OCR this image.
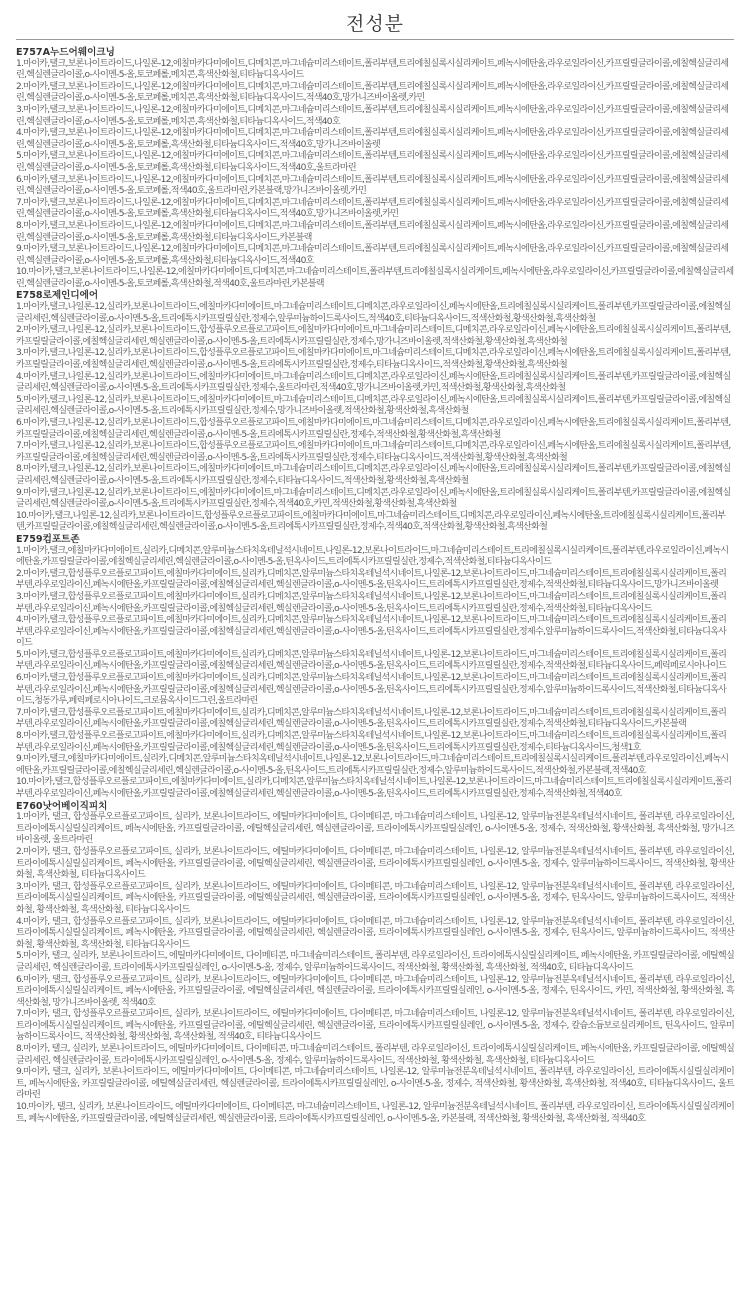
전성분
E757A누드어웨이크닝
1.마이카,탤크,보론나이트라이드,나일론-12,에칠마카다미에이트,디메치콘,마그네슘미리스테이트,폴리부텐,트리에칠실록시실리케이트,페녹시에탄올,라우로일라이신,카프릴릴글라이콜,에칠헥실글리세린,헥실렌글라이콜,o-사이멘-5-올,토코페롤,메치콘,흑색산화철,티타늄디옥사이드
2.마이카,탤크,보론나이트라이드,나일론-12,에칠마카다미에이트,디메치콘,마그네슘미리스테이트,폴리부텐,트리에칠실록시실리케이트,페녹시에탄올,라우로일라이신,카프릴릴글라이콜,에칠헥실글리세린,헥실렌글라이콜,o-사이멘-5-올,토코페롤,메치콘,흑색산화철,티타늄디옥사이드,적색40호,망가니즈바이올렛,카민
3.마이카,탤크,보론나이트라이드,나일론-12,에칠마카다미에이트,디메치콘,마그네슘미리스테이트,폴리부텐,트리에칠실록시실리케이트,페녹시에탄올,라우로일라이신,카프릴릴글라이콜,에칠헥실글리세린,헥실렌글라이콜,o-사이멘-5-올,토코페롤,메치콘,흑색산화철,티타늄디옥사이드,적색40호
4.마이카,탤크,보론나이트라이드,나일론-12,에칠마카다미에이트,디메치콘,마그네슘미리스테이트,폴리부텐,트리에칠실록시실리케이트,페녹시에탄올,라우로일라이신,카프릴릴글라이콜,에칠헥실글리세린,헥실렌글라이콜,o-사이멘-5-올,토코페롤,흑색산화철,티타늄디옥사이드,적색40호,망가니즈바이올렛
5.마이카,탤크,보론나이트라이드,나일론-12,에칠마카다미에이트,디메치콘,마그네슘미리스테이트,폴리부텐,트리에칠실록시실리케이트,페녹시에탄올,라우로일라이신,카프릴릴글라이콜,에칠헥실글리세린,헥실렌글라이콜,o-사이멘-5-올,토코페롤,흑색산화철,티타늄디옥사이드,적색40호,울트라마린
6.마이카,탤크,보론나이트라이드,나일론-12,에칠마카다미에이트,디메치콘,마그네슘미리스테이트,폴리부텐,트리에칠실록시실리케이트,페녹시에탄올,라우로일라이신,카프릴릴글라이콜,에칠헥실글리세린,헥실렌글라이콜,o-사이멘-5-올,토코페롤,적색40호,울트라마린,카본블랙,망가니즈바이올렛,카민
7.마이카,탤크,보론나이트라이드,나일론-12,에칠마카다미에이트,디메치콘,마그네슘미리스테이트,폴리부텐,트리에칠실록시실리케이트,페녹시에탄올,라우로일라이신,카프릴릴글라이콜,에칠헥실글리세린,헥실렌글라이콜,o-사이멘-5-올,토코페롤,흑색산화철,티타늄디옥사이드,적색40호,망가니즈바이올렛,카민
8.마이카,탤크,보론나이트라이드,나일론-12,에칠마카다미에이트,디메치콘,마그네슘미리스테이트,폴리부텐,트리에칠실록시실리케이트,페녹시에탄올,라우로일라이신,카프릴릴글라이콜,에칠헥실글리세린,헥실렌글라이콜,o-사이멘-5-올,토코페롤,흑색산화철,티타늄디옥사이드,카본블랙
9.마이카,탤크,보론나이트라이드,나일론-12,에칠마카다미에이트,디메치콘,마그네슘미리스테이트,폴리부텐,트리에칠실록시실리케이트,페녹시에탄올,라우로일라이신,카프릴릴글라이콜,에칠헥실글리세린,헥실렌글라이콜,o-사이멘-5-올,토코페롤,흑색산화철,티타늄디옥사이드,적색40호
10.마이카,탤크,보론나이트라이드,나일론-12,에칠마카다미에이트,디메치콘,마그네슘미리스테이트,폴리부텐,트리에칠실록시실리케이트,페녹시에탄올,라우로일라이신,카프릴릴글라이콜,에칠헥실글리세린,헥실렌글라이콜,o-사이멘-5-올,토코페롤,흑색산화철,적색40호,울트라마린,카본블랙
E758로제인디에어
1.마이카,탤크,나일론-12,실리카,보론나이트라이드,에칠마카다미에이트,마그네슘미리스테이트,디메치콘,라우로일라이신,페녹시에탄올,트리에칠실록시실리케이트,폴리부텐,카프릴릴글라이콜,에칠헥실글리세린,헥실렌글라이콜,o-사이멘-5-올,트리에톡시카프릴릴실란,정제수,알루미늄하이드록사이드,적색40호,티타늄디옥사이드,적색산화철,황색산화철,흑색산화철
2.마이카,탤크,나일론-12,실리카,보론나이트라이드,합성플루오르플로고파이트,에칠마카다미에이트,마그네슘미리스테이트,디메치콘,라우로일라이신,페녹시에탄올,트리에칠실록시실리케이트,폴리부텐,카프릴릴글라이콜,에칠헥실글리세린,헥실렌글라이콜,o-사이멘-5-올,트리에톡시카프릴릴실란,정제수,망가니즈바이올렛,적색산화철,황색산화철,흑색산화철
3.마이카,탤크,나일론-12,실리카,보론나이트라이드,합성플루오르플로고파이트,에칠마카다미에이트,마그네슘미리스테이트,디메치콘,라우로일라이신,페녹시에탄올,트리에칠실록시실리케이트,폴리부텐,카프릴릴글라이콜,에칠헥실글리세린,헥실렌글라이콜,o-사이멘-5-올,트리에톡시카프릴릴실란,정제수,티타늄디옥사이드,적색산화철,황색산화철,흑색산화철
4.마이카,탤크,나일론-12,실리카,보론나이트라이드,에칠마카다미에이트,마그네슘미리스테이트,디메치콘,라우로일라이신,페녹시에탄올,트리에칠실록시실리케이트,폴리부텐,카프릴릴글라이콜,에칠헥실글리세린,헥실렌글라이콜,o-사이멘-5-올,트리에톡시카프릴릴실란,정제수,울트라마린,적색40호,망가니즈바이올렛,카민,적색산화철,황색산화철,흑색산화철
5.마이카,탤크,나일론-12,실리카,보론나이트라이드,에칠마카다미에이트,마그네슘미리스테이트,디메치콘,라우로일라이신,페녹시에탄올,트리에칠실록시실리케이트,폴리부텐,카프릴릴글라이콜,에칠헥실글리세린,헥실렌글라이콜,o-사이멘-5-올,트리에톡시카프릴릴실란,정제수,망가니즈바이올렛,적색산화철,황색산화철,흑색산화철
6.마이카,탤크,나일론-12,실리카,보론나이트라이드,합성플루오르플로고파이트,에칠마카다미에이트,마그네슘미리스테이트,디메치콘,라우로일라이신,페녹시에탄올,트리에칠실록시실리케이트,폴리부텐,카프릴릴글라이콜,에칠헥실글리세린,헥실렌글라이콜,o-사이멘-5-올,트리에톡시카프릴릴실란,정제수,적색산화철,황색산화철,흑색산화철
7.마이카,탤크,나일론-12,실리카,보론나이트라이드,합성플루오르플로고파이트,에칠마카다미에이트,마그네슘미리스테이트,디메치콘,라우로일라이신,페녹시에탄올,트리에칠실록시실리케이트,폴리부텐,카프릴릴글라이콜,에칠헥실글리세린,헥실렌글라이콜,o-사이멘-5-올,트리에톡시카프릴릴실란,정제수,티타늄디옥사이드,적색산화철,황색산화철,흑색산화철
8.마이카,탤크,나일론-12,실리카,보론나이트라이드,에칠마카다미에이트,마그네슘미리스테이트,디메치콘,라우로일라이신,페녹시에탄올,트리에칠실록시실리케이트,폴리부텐,카프릴릴글라이콜,에칠헥실글리세린,헥실렌글라이콜,o-사이멘-5-올,트리에톡시카프릴릴실란,정제수,티타늄디옥사이드,적색산화철,황색산화철,흑색산화철
9.마이카,탤크,나일론-12,실리카,보론나이트라이드,에칠마카다미에이트,마그네슘미리스테이트,디메치콘,라우로일라이신,페녹시에탄올,트리에칠실록시실리케이트,폴리부텐,카프릴릴글라이콜,에칠헥실글리세린,헥실렌글라이콜,o-사이멘-5-올,트리에톡시카프릴릴실란,정제수,적색40호,카민,적색산화철,황색산화철,흑색산화철
10.마이카,탤크,나일론-12,실리카,보론나이트라이드,합성플루오르플로고파이트,에칠마카다미에이트,마그네슘미리스테이트,디메치콘,라우로일라이신,페녹시에탄올,트리에칠실록시실리케이트,폴리부텐,카프릴릴글라이콜,에칠헥실글리세린,헥실렌글라이콜,o-사이멘-5-올,트리에톡시카프릴릴실란,정제수,적색40호,적색산화철,황색산화철,흑색산화철
E759컴포트존
1.마이카,탤크,에칠마카다미에이트,실리카,디메치콘,알루미늄스타치옥테닐석시네이트,나일론-12,보론나이트라이드,마그네슘미리스테이트,트리에칠실록시실리케이트,폴리부텐,라우로일라이신,페녹시에탄올,카프릴릴글라이콜,에칠헥실글리세린,헥실렌글라이콜,o-사이멘-5-올,틴옥사이드,트리에톡시카프릴릴실란,정제수,적색산화철,티타늄디옥사이드
2.마이카,탤크,합성플루오르플로고파이트,에칠마카다미에이트,실리카,디메치콘,알루미늄스타치옥테닐석시네이트,나일론-12,보론나이트라이드,마그네슘미리스테이트,트리에칠실록시실리케이트,폴리부텐,라우로일라이신,페녹시에탄올,카프릴릴글라이콜,에칠헥실글리세린,헥실렌글라이콜,o-사이멘-5-올,틴옥사이드,트리에톡시카프릴릴실란,정제수,적색산화철,티타늄디옥사이드,망가니즈바이올렛
3.마이카,탤크,합성플루오르플로고파이트,에칠마카다미에이트,실리카,디메치콘,알루미늄스타치옥테닐석시네이트,나일론-12,보론나이트라이드,마그네슘미리스테이트,트리에칠실록시실리케이트,폴리부텐,라우로일라이신,페녹시에탄올,카프릴릴글라이콜,에칠헥실글리세린,헥실렌글라이콜,o-사이멘-5-올,틴옥사이드,트리에톡시카프릴릴실란,정제수,적색산화철,티타늄디옥사이드
4.마이카,탤크,합성플루오르플로고파이트,에칠마카다미에이트,실리카,디메치콘,알루미늄스타치옥테닐석시네이트,나일론-12,보론나이트라이드,마그네슘미리스테이트,트리에칠실록시실리케이트,폴리부텐,라우로일라이신,페녹시에탄올,카프릴릴글라이콜,에칠헥실글리세린,헥실렌글라이콜,o-사이멘-5-올,틴옥사이드,트리에톡시카프릴릴실란,정제수,알루미늄하이드록사이드,적색산화철,티타늄디옥사이드
5.마이카,탤크,합성플루오르플로고파이트,에칠마카다미에이트,실리카,디메치콘,알루미늄스타치옥테닐석시네이트,나일론-12,보론나이트라이드,마그네슘미리스테이트,트리에칠실록시실리케이트,폴리부텐,라우로일라이신,페녹시에탄올,카프릴릴글라이콜,에칠헥실글리세린,헥실렌글라이콜,o-사이멘-5-올,틴옥사이드,트리에톡시카프릴릴실란,정제수,적색산화철,티타늄디옥사이드,페릭페로시아나이드
6.마이카,탤크,합성플루오르플로고파이트,에칠마카다미에이트,실리카,디메치콘,알루미늄스타치옥테닐석시네이트,나일론-12,보론나이트라이드,마그네슘미리스테이트,트리에칠실록시실리케이트,폴리부텐,라우로일라이신,페녹시에탄올,카프릴릴글라이콜,에칠헥실글리세린,헥실렌글라이콜,o-사이멘-5-올,틴옥사이드,트리에톡시카프릴릴실란,정제수,알루미늄하이드록사이드,적색산화철,티타늄디옥사이드,청동가루,페릭페로시아나이드,크로뮴옥사이드그린,울트라마린
7.마이카,탤크,합성플루오르플로고파이트,에칠마카다미에이트,실리카,디메치콘,알루미늄스타치옥테닐석시네이트,나일론-12,보론나이트라이드,마그네슘미리스테이트,트리에칠실록시실리케이트,폴리부텐,라우로일라이신,페녹시에탄올,카프릴릴글라이콜,에칠헥실글리세린,헥실렌글라이콜,o-사이멘-5-올,틴옥사이드,트리에톡시카프릴릴실란,정제수,적색산화철,티타늄디옥사이드,카본블랙
8.마이카,탤크,합성플루오르플로고파이트,에칠마카다미에이트,실리카,디메치콘,알루미늄스타치옥테닐석시네이트,나일론-12,보론나이트라이드,마그네슘미리스테이트,트리에칠실록시실리케이트,폴리부텐,라우로일라이신,페녹시에탄올,카프릴릴글라이콜,에칠헥실글리세린,헥실렌글라이콜,o-사이멘-5-올,틴옥사이드,트리에톡시카프릴릴실란,정제수,티타늄디옥사이드,청색1호
9.마이카,탤크,에칠마카다미에이트,실리카,디메치콘,알루미늄스타치옥테닐석시네이트,나일론-12,보론나이트라이드,마그네슘미리스테이트,트리에칠실록시실리케이트,폴리부텐,라우로일라이신,페녹시에탄올,카프릴릴글라이콜,에칠헥실글리세린,헥실렌글라이콜,o-사이멘-5-올,틴옥사이드,트리에톡시카프릴릴실란,정제수,알루미늄하이드록사이드,적색산화철,카본블랙,적색40호
10.마이카,탤크,합성플루오르플로고파이트,에칠마카다미에이트,실리카,디메치콘,알루미늄스타치옥테닐석시네이트,나일론-12,보론나이트라이드,마그네슘미리스테이트,트리에칠실록시실리케이트,폴리부텐,라우로일라이신,페녹시에탄올,카프릴릴글라이콜,에칠헥실글리세린,헥실렌글라이콜,o-사이멘-5-올,틴옥사이드,트리에톡시카프릴릴실란,정제수,적색산화철,적색40호
E760낫어베이직피치
1.마이카, 탤크, 합성플루오르플로고파이트, 실리카, 보론나이트라이드, 에틸마카다미에이트, 다이메티콘, 마그네슘미리스테이트, 나일론-12, 알루미늄전분옥테닐석시네이트, 폴리부텐, 라우로일라이신, 트라이에톡시실릴실리케이트, 페녹시에탄올, 카프릴릴글라이콜, 에틸헥실글리세린, 헥실렌글라이콜, 트라이에톡시카프릴릴실레인, o-사이멘-5-올, 정제수, 적색산화철, 황색산화철, 흑색산화철, 망가니즈바이올렛, 울트라마린
2.마이카, 탤크, 합성플루오르플로고파이트, 실리카, 보론나이트라이드, 에틸마카다미에이트, 다이메티콘, 마그네슘미리스테이트, 나일론-12, 알루미늄전분옥테닐석시네이트, 폴리부텐, 라우로일라이신, 트라이에톡시실릴실리케이트, 페녹시에탄올, 카프릴릴글라이콜, 에틸헥실글리세린, 헥실렌글라이콜, 트라이에톡시카프릴릴실레인, o-사이멘-5-올, 정제수, 알루미늄하이드록사이드, 적색산화철, 황색산화철, 흑색산화철, 티타늄디옥사이드
3.마이카, 탤크, 합성플루오르플로고파이트, 실리카, 보론나이트라이드, 에틸마카다미에이트, 다이메티콘, 마그네슘미리스테이트, 나일론-12, 알루미늄전분옥테닐석시네이트, 폴리부텐, 라우로일라이신, 트라이에톡시실릴실리케이트, 페녹시에탄올, 카프릴릴글라이콜, 에틸헥실글리세린, 헥실렌글라이콜, 트라이에톡시카프릴릴실레인, o-사이멘-5-올, 정제수, 틴옥사이드, 알루미늄하이드록사이드, 적색산화철, 황색산화철, 흑색산화철, 티타늄디옥사이드
4.마이카, 탤크, 합성플루오르플로고파이트, 실리카, 보론나이트라이드, 에틸마카다미에이트, 다이메티콘, 마그네슘미리스테이트, 나일론-12, 알루미늄전분옥테닐석시네이트, 폴리부텐, 라우로일라이신, 트라이에톡시실릴실리케이트, 페녹시에탄올, 카프릴릴글라이콜, 에틸헥실글리세린, 헥실렌글라이콜, 트라이에톡시카프릴릴실레인, o-사이멘-5-올, 정제수, 틴옥사이드, 알루미늄하이드록사이드, 적색산화철, 황색산화철, 흑색산화철, 티타늄디옥사이드
5.마이카, 탤크, 실리카, 보론나이트라이드, 에틸마카다미에이트, 다이메티콘, 마그네슘미리스테이트, 폴리부텐, 라우로일라이신, 트라이에톡시실릴실리케이트, 페녹시에탄올, 카프릴릴글라이콜, 에틸헥실글리세린, 헥실렌글라이콜, 트라이에톡시카프릴릴실레인, o-사이멘-5-올, 정제수, 알루미늄하이드록사이드, 적색산화철, 황색산화철, 흑색산화철, 적색40호, 티타늄디옥사이드
6.마이카, 탤크, 합성플루오르플로고파이트, 실리카, 보론나이트라이드, 에틸마카다미에이트, 다이메티콘, 마그네슘미리스테이트, 나일론-12, 알루미늄전분옥테닐석시네이트, 폴리부텐, 라우로일라이신, 트라이에톡시실릴실리케이트, 페녹시에탄올, 카프릴릴글라이콜, 에틸헥실글리세린, 헥실렌글라이콜, 트라이에톡시카프릴릴실레인, o-사이멘-5-올, 정제수, 틴옥사이드, 카민, 적색산화철, 황색산화철, 흑색산화철, 망가니즈바이올렛, 적색40호
7.마이카, 탤크, 합성플루오르플로고파이트, 실리카, 보론나이트라이드, 에틸마카다미에이트, 다이메티콘, 마그네슘미리스테이트, 나일론-12, 알루미늄전분옥테닐석시네이트, 폴리부텐, 라우로일라이신, 트라이에톡시실릴실리케이트, 페녹시에탄올, 카프릴릴글라이콜, 에틸헥실글리세린, 헥실렌글라이콜, 트라이에톡시카프릴릴실레인, o-사이멘-5-올, 정제수, 칼슘소듐보로실리케이트, 틴옥사이드, 알루미늄하이드록사이드, 적색산화철, 황색산화철, 흑색산화철, 적색40호, 티타늄디옥사이드
8.마이카, 탤크, 실리카, 보론나이트라이드, 에틸마카다미에이트, 다이메티콘, 마그네슘미리스테이트, 폴리부텐, 라우로일라이신, 트라이에톡시실릴실리케이트, 페녹시에탄올, 카프릴릴글라이콜, 에틸헥실글리세린, 헥실렌글라이콜, 트라이에톡시카프릴릴실레인, o-사이멘-5-올, 정제수, 알루미늄하이드록사이드, 적색산화철, 황색산화철, 흑색산화철, 티타늄디옥사이드
9.마이카, 탤크, 실리카, 보론나이트라이드, 에틸마카다미에이트, 다이메티콘, 마그네슘미리스테이트, 나일론-12, 알루미늄전분옥테닐석시네이트, 폴리부텐, 라우로일라이신, 트라이에톡시실릴실리케이트, 페녹시에탄올, 카프릴릴글라이콜, 에틸헥실글리세린, 헥실렌글라이콜, 트라이에톡시카프릴릴실레인, o-사이멘-5-올, 정제수, 적색산화철, 황색산화철, 흑색산화철, 적색40호, 티타늄디옥사이드, 울트라마린
10.마이카, 탤크, 실리카, 보론나이트라이드, 에틸마카다미에이트, 다이메티콘, 마그네슘미리스테이트, 나일론-12, 알루미늄전분옥테닐석시네이트, 폴리부텐, 라우로일라이신, 트라이에톡시실릴실리케이트, 페녹시에탄올, 카프릴릴글라이콜, 에틸헥실글리세린, 헥실렌글라이콜, 트라이에톡시카프릴릴실레인, o-사이멘-5-올, 카본블랙, 적색산화철, 황색산화철, 흑색산화철, 적색40호
